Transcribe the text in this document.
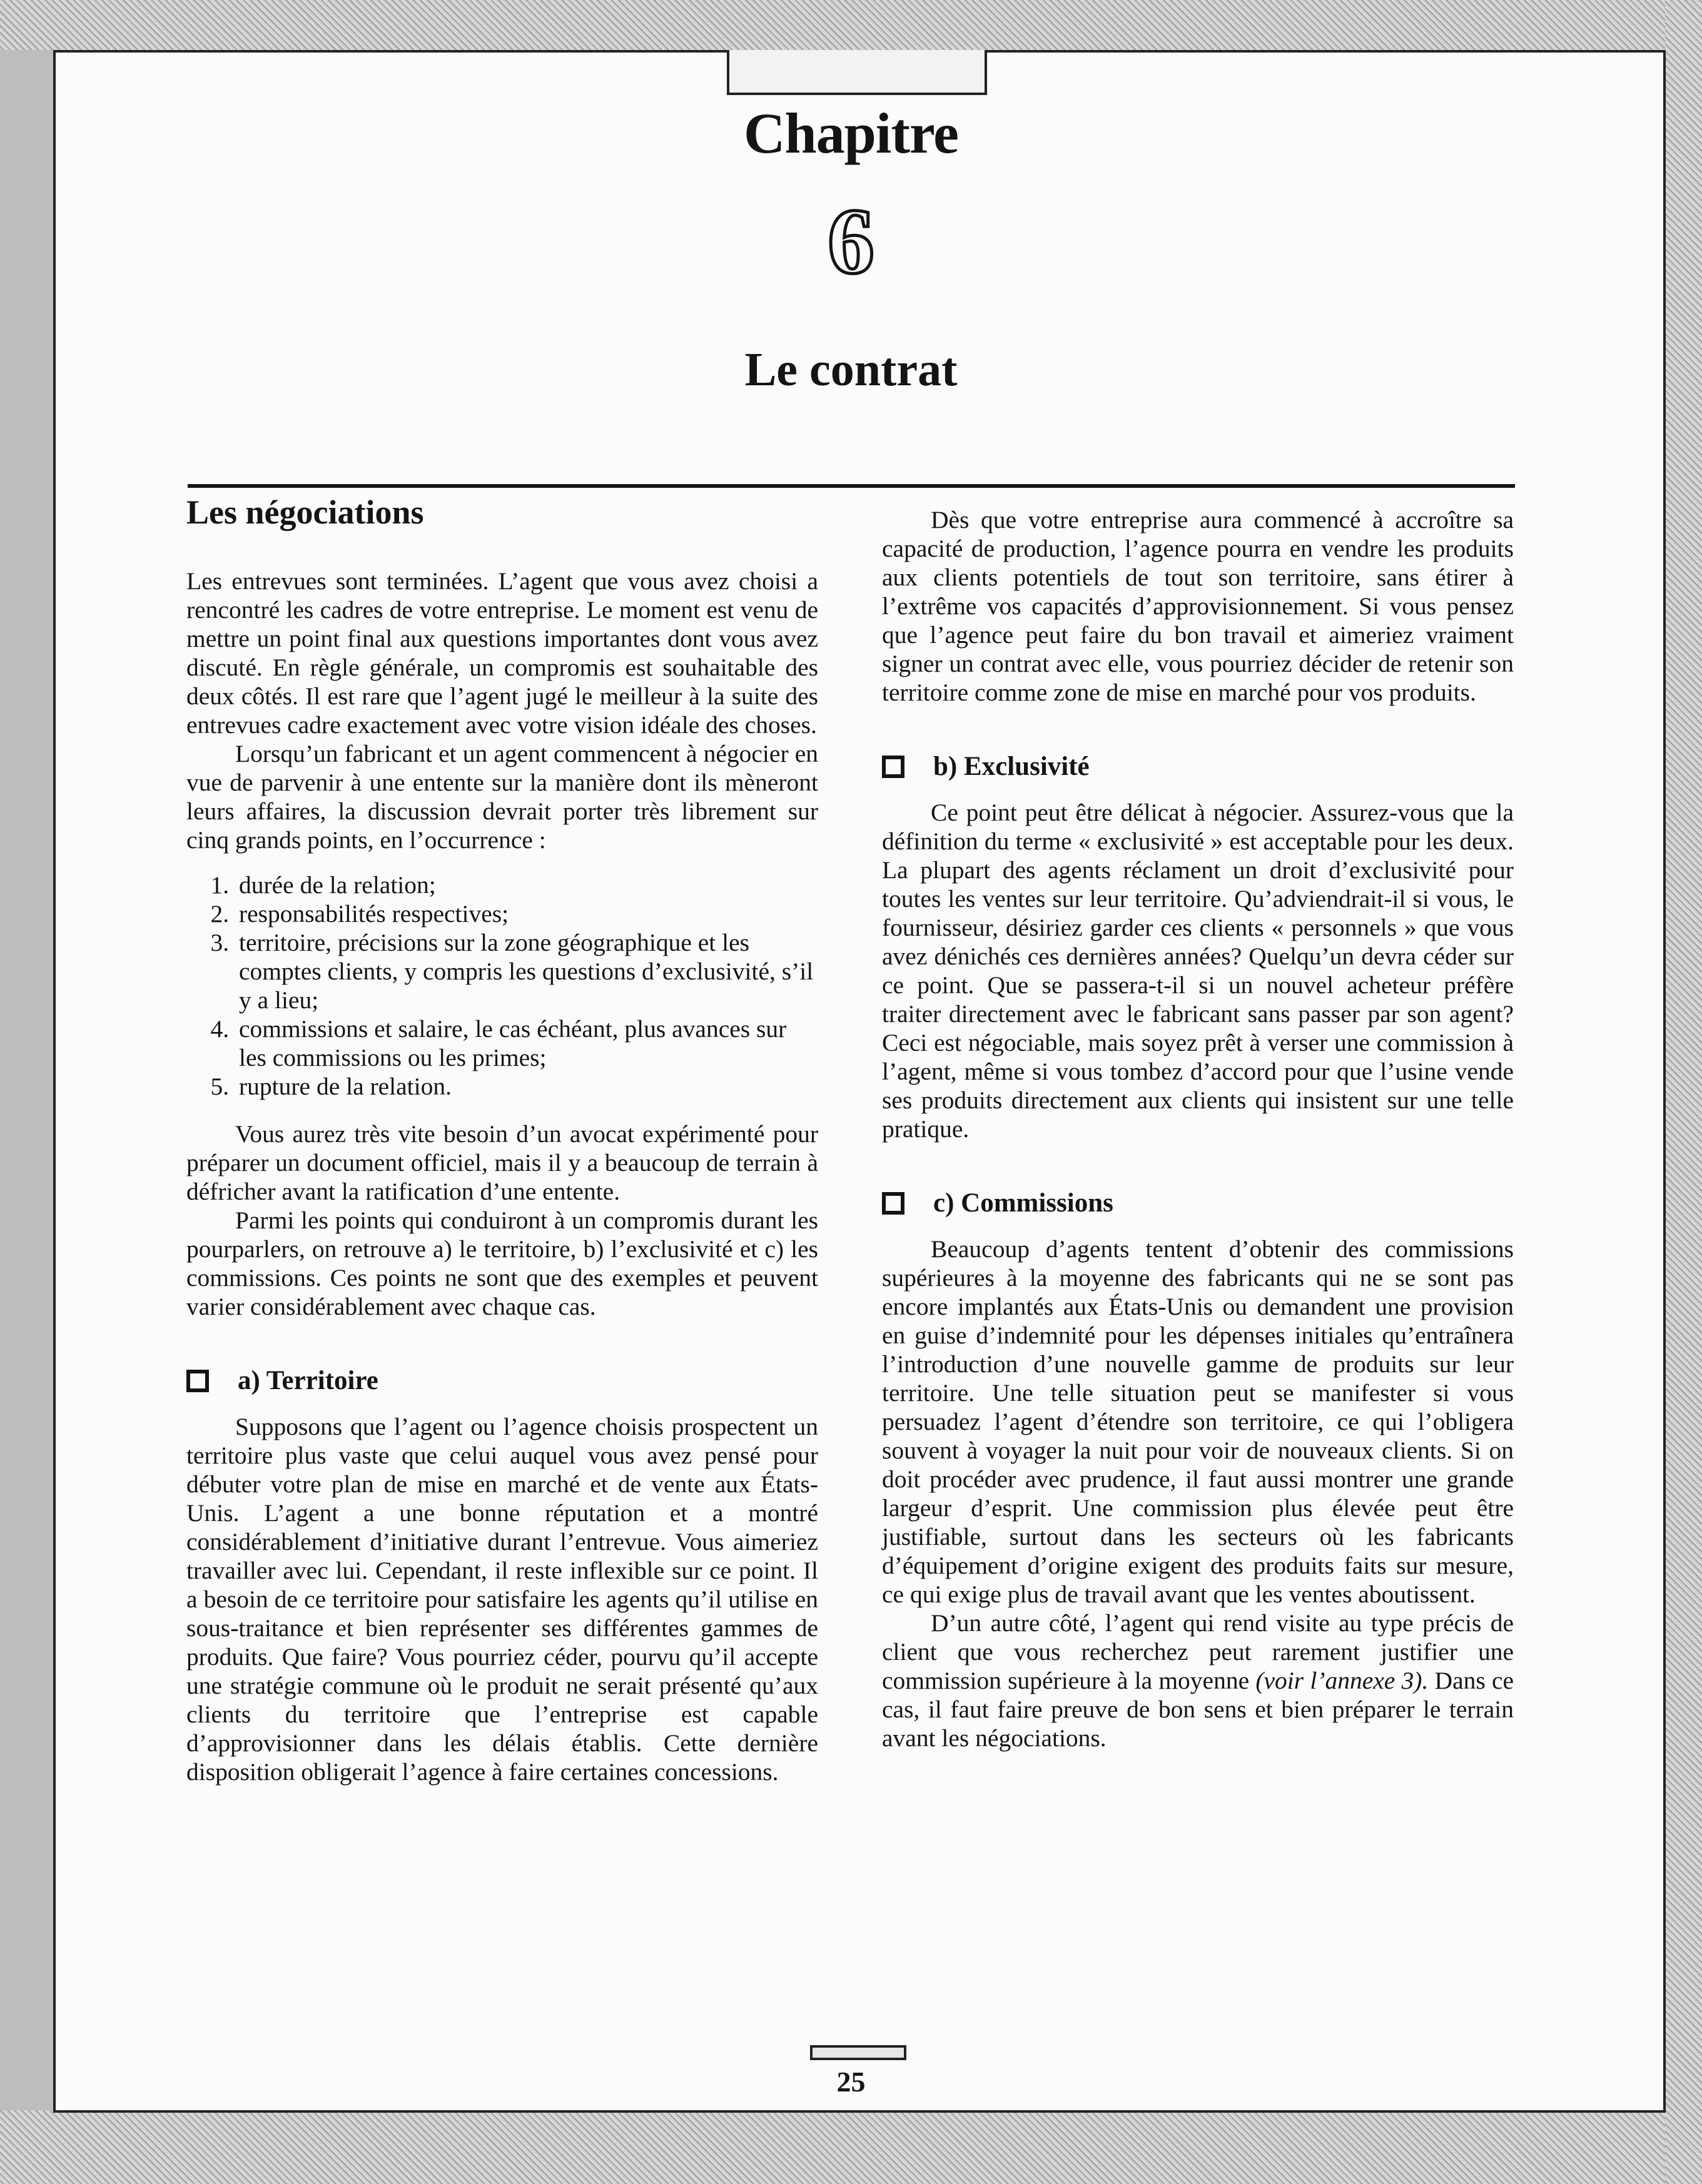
Chapitre
6
Le contrat
Les négociations

Les entrevues sont terminées. L’agent que vous avez choisi a rencontré les cadres de votre entreprise. Le moment est venu de mettre un point final aux questions importantes dont vous avez discuté. En règle générale, un compromis est souhaitable des deux côtés. Il est rare que l’agent jugé le meilleur à la suite des entrevues cadre exactement avec votre vision idéale des choses.

Lorsqu’un fabricant et un agent commencent à négocier en vue de parvenir à une entente sur la manière dont ils mèneront leurs affaires, la discussion devrait porter très librement sur cinq grands points, en l’occurrence :

1. durée de la relation;
2. responsabilités respectives;
3. territoire, précisions sur la zone géographique et les comptes clients, y compris les questions d’exclusivité, s’il y a lieu;
4. commissions et salaire, le cas échéant, plus avances sur les commissions ou les primes;
5. rupture de la relation.

Vous aurez très vite besoin d’un avocat expérimenté pour préparer un document officiel, mais il y a beaucoup de terrain à défricher avant la ratification d’une entente.

Parmi les points qui conduiront à un compromis durant les pourparlers, on retrouve a) le territoire, b) l’exclusivité et c) les commissions. Ces points ne sont que des exemples et peuvent varier considérablement avec chaque cas.

a) Territoire

Supposons que l’agent ou l’agence choisis prospectent un territoire plus vaste que celui auquel vous avez pensé pour débuter votre plan de mise en marché et de vente aux États-Unis. L’agent a une bonne réputation et a montré considérablement d’initiative durant l’entrevue. Vous aimeriez travailler avec lui. Cependant, il reste inflexible sur ce point. Il a besoin de ce territoire pour satisfaire les agents qu’il utilise en sous-traitance et bien représenter ses différentes gammes de produits. Que faire? Vous pourriez céder, pourvu qu’il accepte une stratégie commune où le produit ne serait présenté qu’aux clients du territoire que l’entreprise est capable d’approvisionner dans les délais établis. Cette dernière disposition obligerait l’agence à faire certaines concessions.

Dès que votre entreprise aura commencé à accroître sa capacité de production, l’agence pourra en vendre les produits aux clients potentiels de tout son territoire, sans étirer à l’extrême vos capacités d’approvisionnement. Si vous pensez que l’agence peut faire du bon travail et aimeriez vraiment signer un contrat avec elle, vous pourriez décider de retenir son territoire comme zone de mise en marché pour vos produits.

b) Exclusivité

Ce point peut être délicat à négocier. Assurez-vous que la définition du terme « exclusivité » est acceptable pour les deux. La plupart des agents réclament un droit d’exclusivité pour toutes les ventes sur leur territoire. Qu’adviendrait-il si vous, le fournisseur, désiriez garder ces clients « personnels » que vous avez dénichés ces dernières années? Quelqu’un devra céder sur ce point. Que se passera-t-il si un nouvel acheteur préfère traiter directement avec le fabricant sans passer par son agent? Ceci est négociable, mais soyez prêt à verser une commission à l’agent, même si vous tombez d’accord pour que l’usine vende ses produits directement aux clients qui insistent sur une telle pratique.

c) Commissions

Beaucoup d’agents tentent d’obtenir des commissions supérieures à la moyenne des fabricants qui ne se sont pas encore implantés aux États-Unis ou demandent une provision en guise d’indemnité pour les dépenses initiales qu’entraînera l’introduction d’une nouvelle gamme de produits sur leur territoire. Une telle situation peut se manifester si vous persuadez l’agent d’étendre son territoire, ce qui l’obligera souvent à voyager la nuit pour voir de nouveaux clients. Si on doit procéder avec prudence, il faut aussi montrer une grande largeur d’esprit. Une commission plus élevée peut être justifiable, surtout dans les secteurs où les fabricants d’équipement d’origine exigent des produits faits sur mesure, ce qui exige plus de travail avant que les ventes aboutissent.

D’un autre côté, l’agent qui rend visite au type précis de client que vous recherchez peut rarement justifier une commission supérieure à la moyenne (voir l’annexe 3). Dans ce cas, il faut faire preuve de bon sens et bien préparer le terrain avant les négociations.

25
